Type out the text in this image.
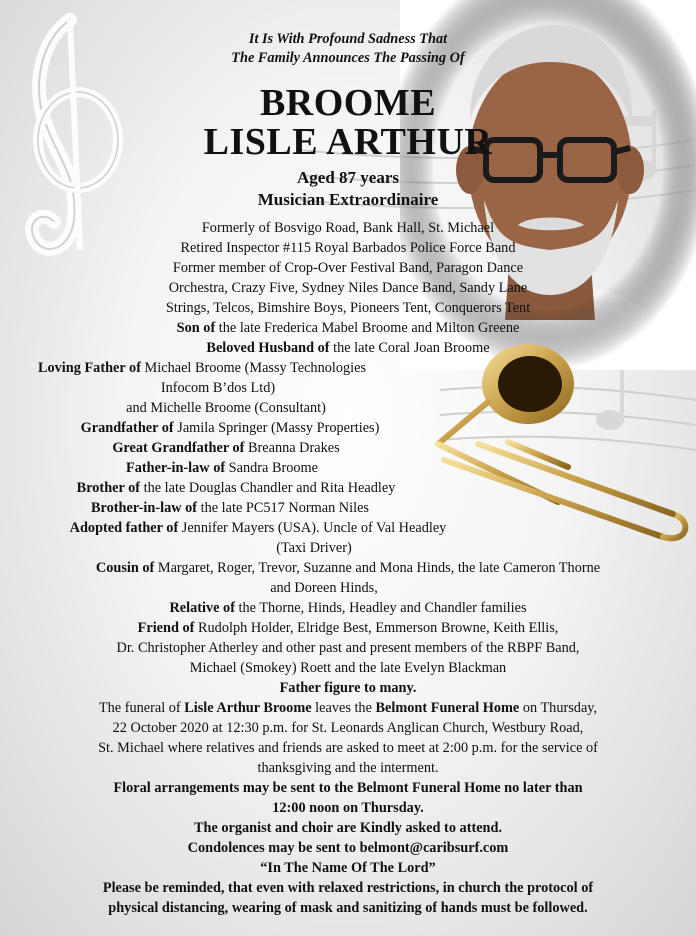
It Is With Profound Sadness That

The Family Announces The Passing Of

BROOME

LISLE ARTHUR

Aged 87 years

Musician Extraordinaire

Formerly of Bosvigo Road, Bank Hall, St. Michael

Retired Inspector #115 Royal Barbados Police Force Band

Former member of Crop-Over Festival Band, Paragon Dance

Orchestra, Crazy Five, Sydney Niles Dance Band, Sandy Lane

Strings, Telcos, Bimshire Boys, Pioneers Tent, Conquerors Tent

Son of the late Frederica Mabel Broome and Milton Greene

Beloved Husband of the late Coral Joan Broome

Loving Father of Michael Broome (Massy Technologies

Infocom B’dos Ltd)

and Michelle Broome (Consultant)

Grandfather of Jamila Springer (Massy Properties)

Great Grandfather of Breanna Drakes

Father-in-law of Sandra Broome

Brother of the late Douglas Chandler and Rita Headley

Brother-in-law of the late PC517 Norman Niles

Adopted father of Jennifer Mayers (USA). Uncle of Val Headley

(Taxi Driver)

Cousin of Margaret, Roger, Trevor, Suzanne and Mona Hinds, the late Cameron Thorne

and Doreen Hinds,

Relative of the Thorne, Hinds, Headley and Chandler families

Friend of Rudolph Holder, Elridge Best, Emmerson Browne, Keith Ellis,

Dr. Christopher Atherley and other past and present members of the RBPF Band,

Michael (Smokey) Roett and the late Evelyn Blackman

Father figure to many.

The funeral of Lisle Arthur Broome leaves the Belmont Funeral Home on Thursday,

22 October 2020 at 12:30 p.m. for St. Leonards Anglican Church, Westbury Road,

St. Michael where relatives and friends are asked to meet at 2:00 p.m. for the service of

thanksgiving and the interment.

Floral arrangements may be sent to the Belmont Funeral Home no later than

12:00 noon on Thursday.

The organist and choir are Kindly asked to attend.

Condolences may be sent to belmont@caribsurf.com

“In The Name Of The Lord”

Please be reminded, that even with relaxed restrictions, in church the protocol of

physical distancing, wearing of mask and sanitizing of hands must be followed.
